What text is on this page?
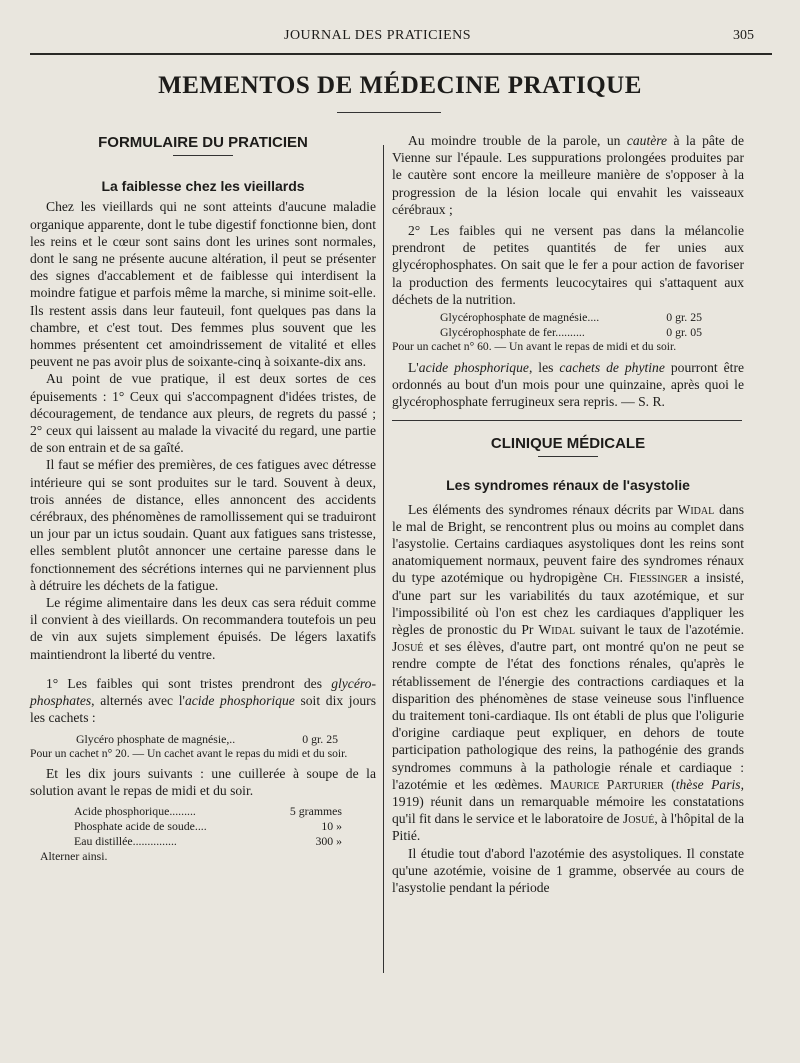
JOURNAL DES PRATICIENS	305
MEMENTOS DE MÉDECINE PRATIQUE

FORMULAIRE DU PRATICIEN

La faiblesse chez les vieillards

Chez les vieillards qui ne sont atteints d'aucune maladie organique apparente, dont le tube digestif fonctionne bien, dont les reins et le cœur sont sains dont les urines sont normales, dont le sang ne présente aucune altération, il peut se présenter des signes d'accablement et de faiblesse qui interdisent la moindre fatigue et parfois même la marche, si minime soit-elle. Ils restent assis dans leur fauteuil, font quelques pas dans la chambre, et c'est tout. Des femmes plus souvent que les hommes présentent cet amoindrissement de vitalité et elles peuvent ne pas avoir plus de soixante-cinq à soixante-dix ans.

Au point de vue pratique, il est deux sortes de ces épuisements : 1° Ceux qui s'accompagnent d'idées tristes, de découragement, de tendance aux pleurs, de regrets du passé ; 2° ceux qui laissent au malade la vivacité du regard, une partie de son entrain et de sa gaîté.

Il faut se méfier des premières, de ces fatigues avec détresse intérieure qui se sont produites sur le tard. Souvent à deux, trois années de distance, elles annoncent des accidents cérébraux, des phénomènes de ramollissement qui se traduiront un jour par un ictus soudain. Quant aux fatigues sans tristesse, elles semblent plutôt annoncer une certaine paresse dans le fonctionnement des sécrétions internes qui ne parviennent plus à détruire les déchets de la fatigue.

Le régime alimentaire dans les deux cas sera réduit comme il convient à des vieillards. On recommandera toutefois un peu de vin aux sujets simplement épuisés. De légers laxatifs maintiendront la liberté du ventre.

1° Les faibles qui sont tristes prendront des glycéro-phosphates, alternés avec l'acide phosphorique soit dix jours les cachets :

Glycéro phosphate de magnésie,..	0 gr. 25

Pour un cachet n° 20. — Un cachet avant le repas du midi et du soir.

Et les dix jours suivants : une cuillerée à soupe de la solution avant le repas de midi et du soir.

Acide phosphorique.........	5 grammes
Phosphate acide de soude....	10 »
Eau distillée...............	300 »

Alterner ainsi.

Au moindre trouble de la parole, un cautère à la pâte de Vienne sur l'épaule. Les suppurations prolongées produites par le cautère sont encore la meilleure manière de s'opposer à la progression de la lésion locale qui envahit les vaisseaux cérébraux ;

2° Les faibles qui ne versent pas dans la mélancolie prendront de petites quantités de fer unies aux glycérophosphates. On sait que le fer a pour action de favoriser la production des ferments leucocytaires qui s'attaquent aux déchets de la nutrition.

Glycérophosphate de magnésie....	0 gr. 25
Glycérophosphate de fer..........	0 gr. 05

Pour un cachet n° 60. — Un avant le repas de midi et du soir.

L'acide phosphorique, les cachets de phytine pourront être ordonnés au bout d'un mois pour une quinzaine, après quoi le glycérophosphate ferrugineux sera repris. — S. R.

CLINIQUE MÉDICALE

Les syndromes rénaux de l'asystolie

Les éléments des syndromes rénaux décrits par Widal dans le mal de Bright, se rencontrent plus ou moins au complet dans l'asystolie. Certains cardiaques asystoliques dont les reins sont anatomiquement normaux, peuvent faire des syndromes rénaux du type azotémique ou hydropigène Ch. Fiessinger a insisté, d'une part sur les variabilités du taux azotémique, et sur l'impossibilité où l'on est chez les cardiaques d'appliquer les règles de pronostic du Pr Widal suivant le taux de l'azotémie. Josué et ses élèves, d'autre part, ont montré qu'on ne peut se rendre compte de l'état des fonctions rénales, qu'après le rétablissement de l'énergie des contractions cardiaques et la disparition des phénomènes de stase veineuse sous l'influence du traitement toni-cardiaque. Ils ont établi de plus que l'oligurie d'origine cardiaque peut expliquer, en dehors de toute participation pathologique des reins, la pathogénie des grands syndromes communs à la pathologie rénale et cardiaque : l'azotémie et les œdèmes. Maurice Parturier (thèse Paris, 1919) réunit dans un remarquable mémoire les constatations qu'il fit dans le service et le laboratoire de Josué, à l'hôpital de la Pitié.

Il étudie tout d'abord l'azotémie des asystoliques. Il constate qu'une azotémie, voisine de 1 gramme, observée au cours de l'asystolie pendant la période
